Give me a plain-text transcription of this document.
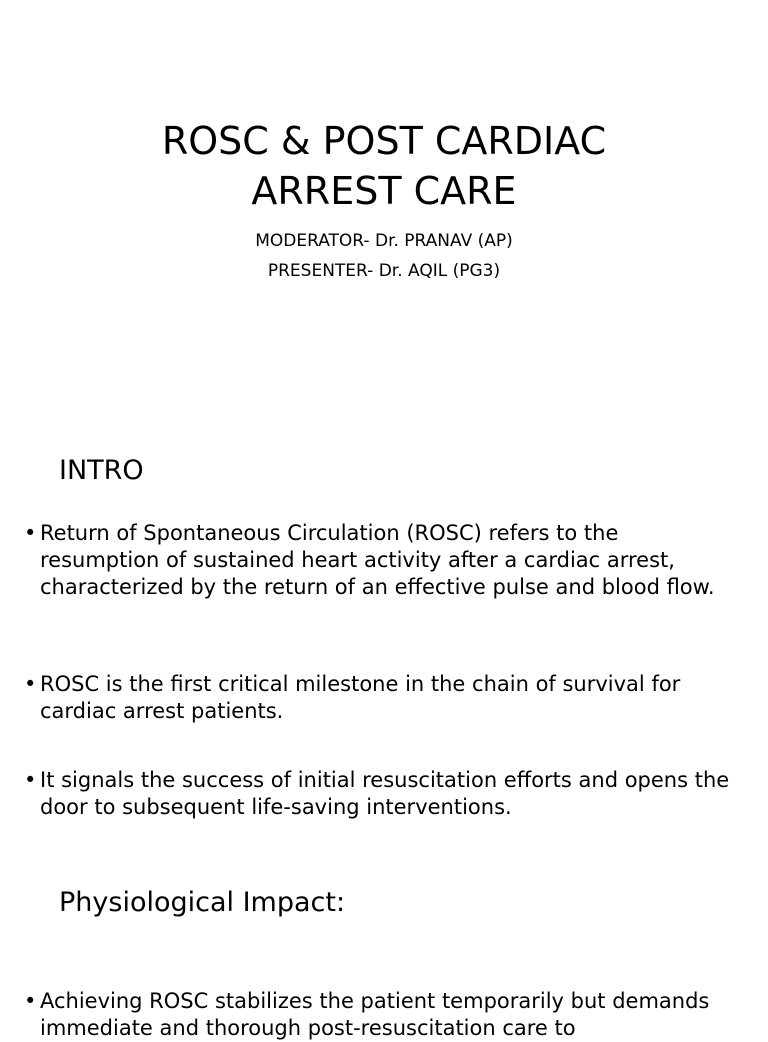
ROSC & POST CARDIAC

ARREST CARE

MODERATOR- Dr. PRANAV (AP)

PRESENTER- Dr. AQIL (PG3)

INTRO
• Return of Spontaneous Circulation (ROSC) refers to the resumption of sustained heart activity after a cardiac arrest, characterized by the return of an effective pulse and blood flow.
• ROSC is the first critical milestone in the chain of survival for cardiac arrest patients.
• It signals the success of initial resuscitation efforts and opens the door to subsequent life-saving interventions.
Physiological Impact:
• Achieving ROSC stabilizes the patient temporarily but demands immediate and thorough post-resuscitation care to
